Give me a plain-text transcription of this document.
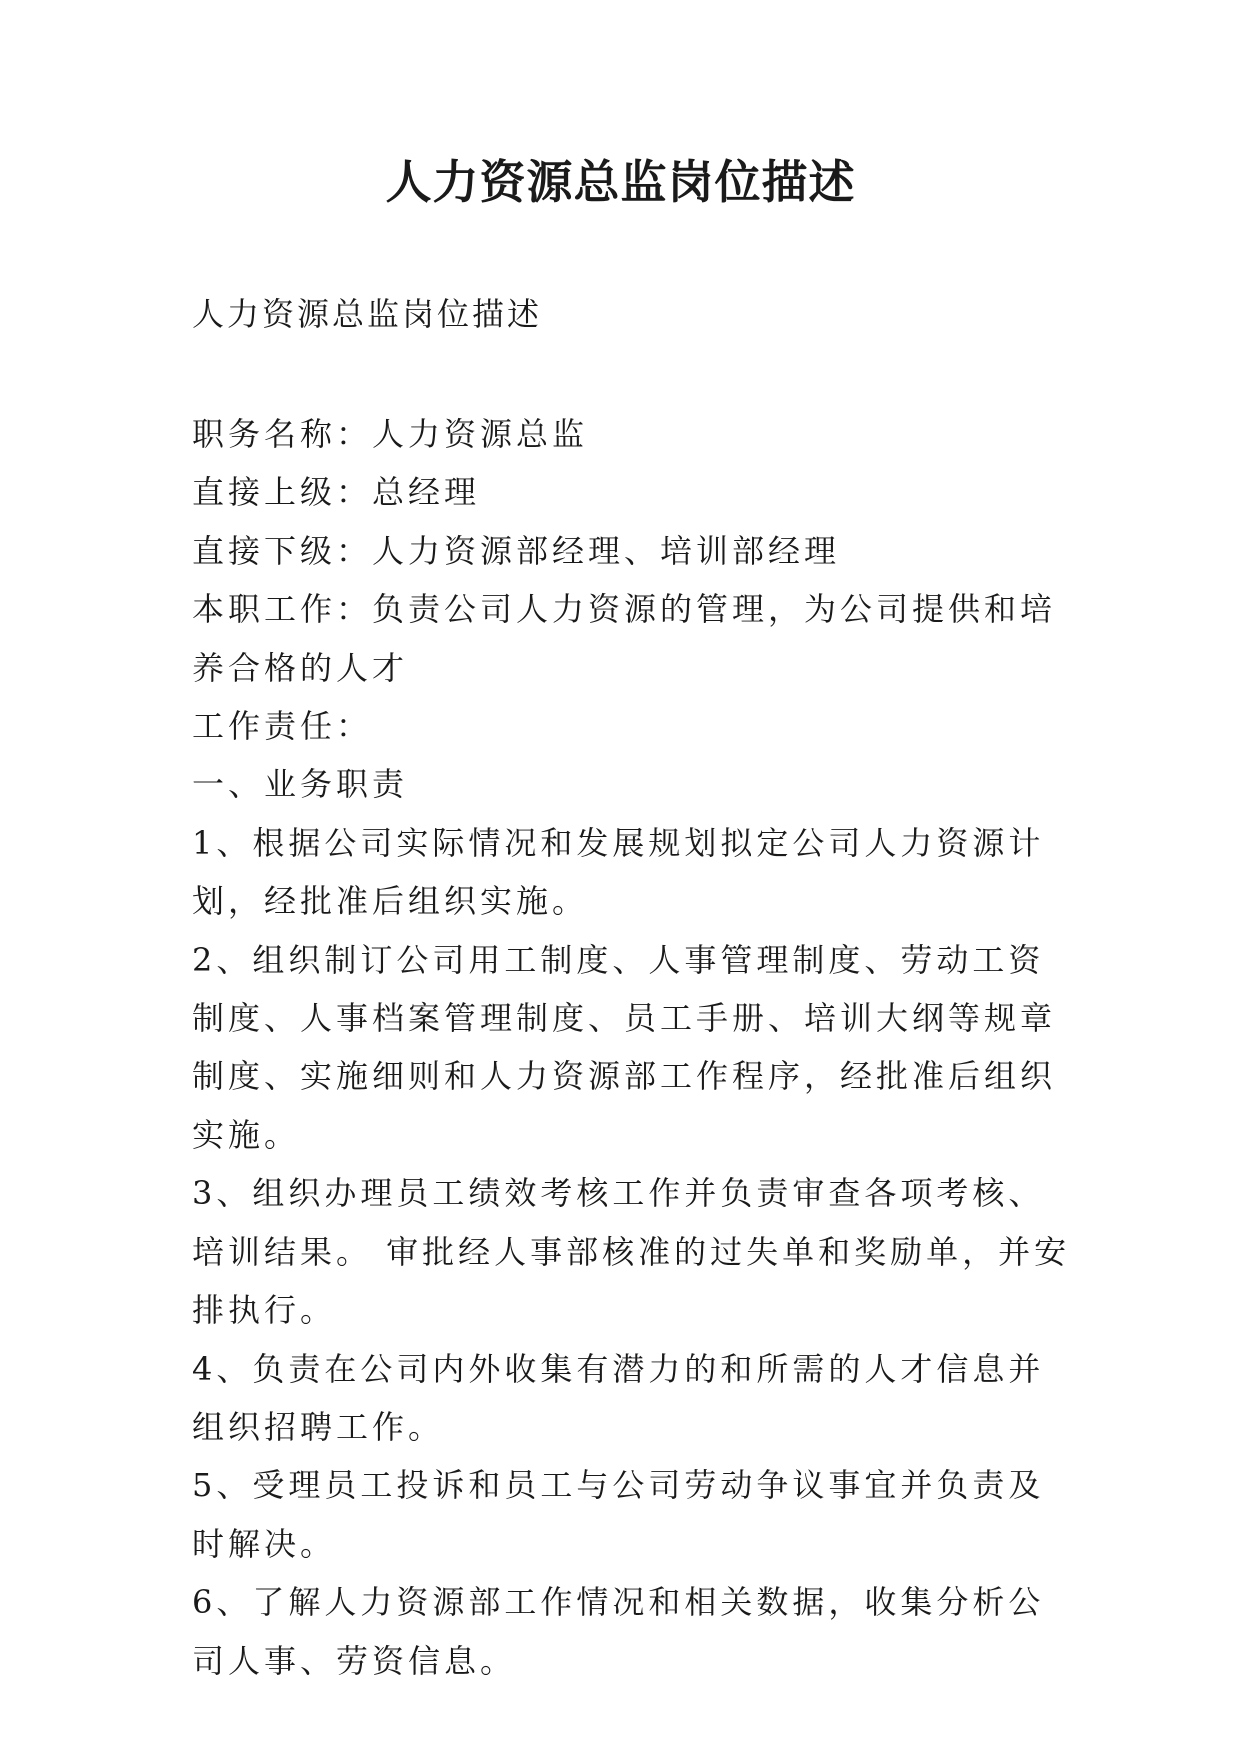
人力资源总监岗位描述

人力资源总监岗位描述

职务名称：人力资源总监

直接上级：总经理

直接下级：人力资源部经理、培训部经理

本职工作：负责公司人力资源的管理，为公司提供和培养合格的人才

工作责任：

一、业务职责

1、根据公司实际情况和发展规划拟定公司人力资源计划，经批准后组织实施。

2、组织制订公司用工制度、人事管理制度、劳动工资制度、人事档案管理制度、员工手册、培训大纲等规章制度、实施细则和人力资源部工作程序，经批准后组织实施。

3、组织办理员工绩效考核工作并负责审查各项考核、培训结果。 审批经人事部核准的过失单和奖励单，并安排执行。

4、负责在公司内外收集有潜力的和所需的人才信息并组织招聘工作。

5、受理员工投诉和员工与公司劳动争议事宜并负责及时解决。

6、了解人力资源部工作情况和相关数据，收集分析公司人事、劳资信息。
